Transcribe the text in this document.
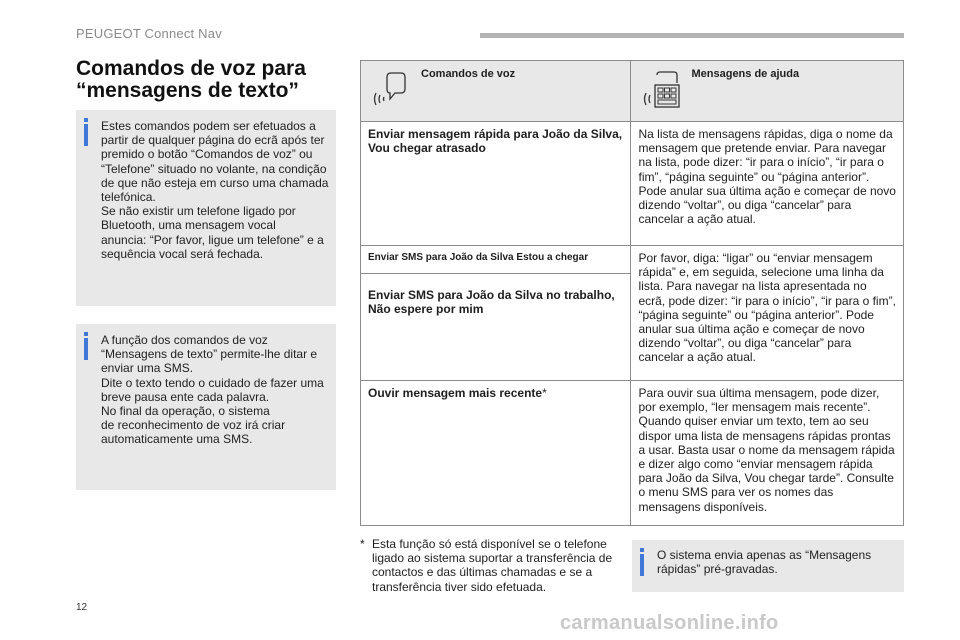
PEUGEOT Connect Nav
Comandos de voz para
“mensagens de texto”

Estes comandos podem ser efetuados a
partir de qualquer página do ecrã após ter
premido o botão “Comandos de voz” ou
“Telefone” situado no volante, na condição
de que não esteja em curso uma chamada
telefónica.
Se não existir um telefone ligado por
Bluetooth, uma mensagem vocal
anuncia: “Por favor, ligue um telefone” e a
sequência vocal será fechada.

A função dos comandos de voz
“Mensagens de texto” permite-lhe ditar e
enviar uma SMS.
Dite o texto tendo o cuidado de fazer uma
breve pausa ente cada palavra.
No final da operação, o sistema
de reconhecimento de voz irá criar
automaticamente uma SMS.

Comandos de voz	Mensagens de ajuda

Enviar mensagem rápida para João da Silva, Vou chegar atrasado	Na lista de mensagens rápidas, diga o nome da mensagem que pretende enviar. Para navegar na lista, pode dizer: “ir para o início”, “ir para o fim”, “página seguinte” ou “página anterior”. Pode anular sua última ação e começar de novo dizendo “voltar”, ou diga “cancelar” para cancelar a ação atual.

Enviar SMS para João da Silva Estou a chegar
Enviar SMS para João da Silva no trabalho, Não espere por mim	Por favor, diga: “ligar” ou “enviar mensagem rápida” e, em seguida, selecione uma linha da lista. Para navegar na lista apresentada no ecrã, pode dizer: “ir para o início”, “ir para o fim”, “página seguinte” ou “página anterior”. Pode anular sua última ação e começar de novo dizendo “voltar”, ou diga “cancelar” para cancelar a ação atual.
Ouvir mensagem mais recente*	Para ouvir sua última mensagem, pode dizer, por exemplo, “ler mensagem mais recente”. Quando quiser enviar um texto, tem ao seu dispor uma lista de mensagens rápidas prontas a usar. Basta usar o nome da mensagem rápida e dizer algo como “enviar mensagem rápida para João da Silva, Vou chegar tarde”. Consulte o menu SMS para ver os nomes das mensagens disponíveis.
* Esta função só está disponível se o telefone ligado ao sistema suportar a transferência de contactos e das últimas chamadas e se a transferência tiver sido efetuada.

O sistema envia apenas as “Mensagens
rápidas” pré-gravadas.

12
carmanualsonline.info
